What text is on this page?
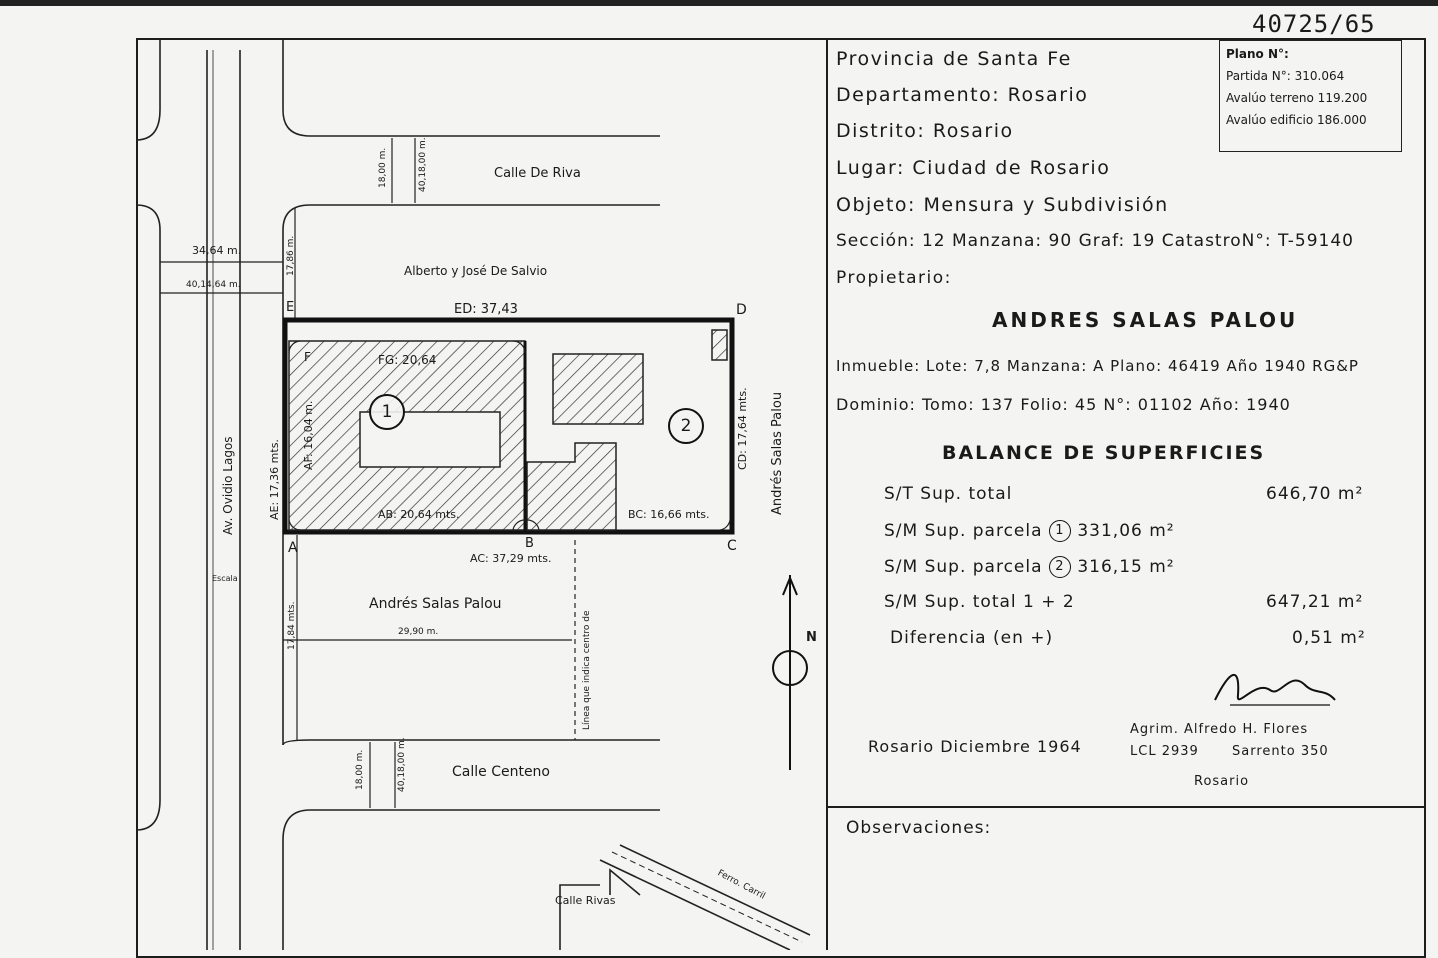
40725/65
Calle De Riva
Calle Centeno
Calle Rivas	Ferro. Carril
Av. Ovidio Lagos
Alberto y José De Salvio
Andrés Salas Palou
Andrés Salas Palou
1
2
A	B	C
D
E
F
ED: 37,43
FG: 20,64
AB: 20,64 mts.
AC: 37,29 mts.
BC: 16,66 mts.
AE: 17,36 mts.
CD: 17,64 mts.
AF: 16,04 m.
34,64 m.
40,14,64 m.
18,00 m.	40,18,00 m.
17,86 m.
17,84 mts.
18,00 m.	40,18,00 m.
29,90 m.
Escala
Línea que indica centro de	N
Provincia de Santa Fe
Departamento: Rosario
Distrito: Rosario
Lugar: Ciudad de Rosario
Objeto: Mensura y Subdivisión
Sección: 12 Manzana: 90 Graf: 19 CatastroN°: T-59140
Propietario:
Plano N°:
Partida N°: 310.064
Avalúo terreno 119.200
Avalúo edificio 186.000
ANDRES SALAS PALOU
Inmueble: Lote: 7,8 Manzana: A Plano: 46419 Año 1940 RG&P
Dominio: Tomo: 137 Folio: 45 N°: 01102 Año: 1940
BALANCE DE SUPERFICIES
S/T Sup. total	646,70 m²
S/M Sup. parcela 1 331,06 m²
S/M Sup. parcela 2 316,15 m²
S/M Sup. total 1 + 2	647,21 m²
Diferencia (en +)	0,51 m²
Rosario Diciembre 1964
Agrim. Alfredo H. Flores
LCL 2939	Sarrento 350
Rosario
Observaciones:
